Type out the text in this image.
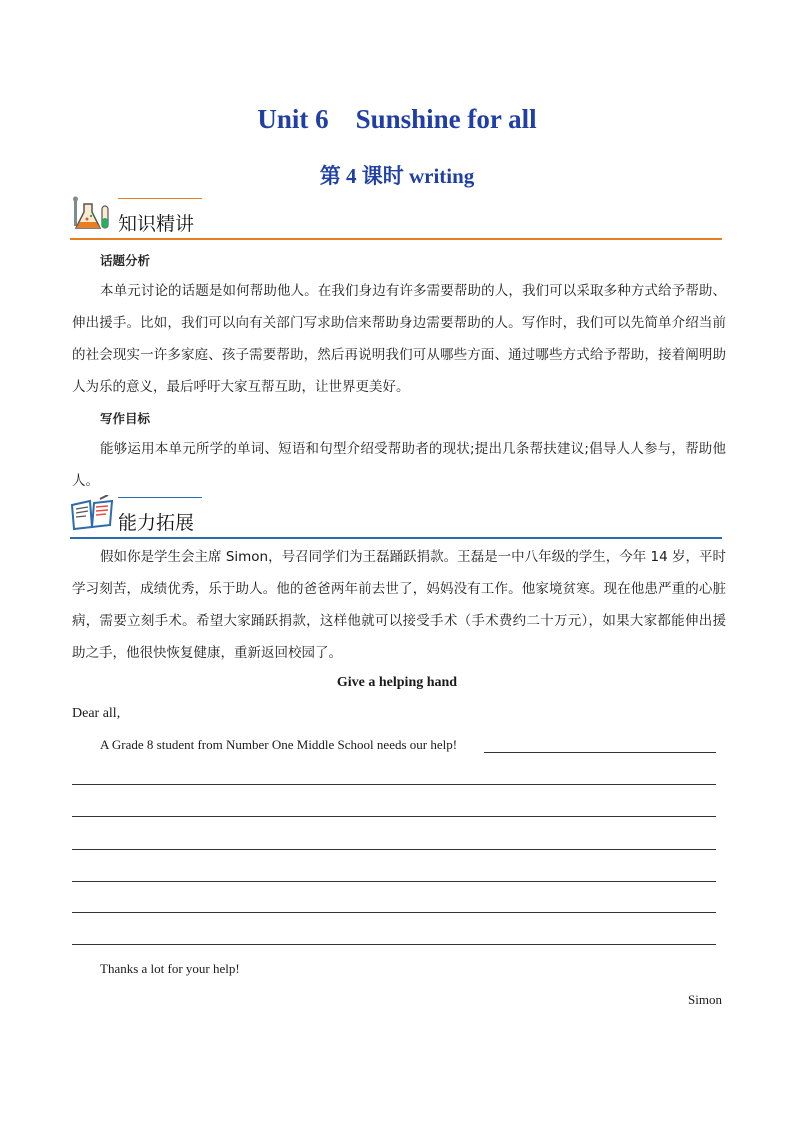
Unit 6    Sunshine for all
第 4 课时 writing
知识精讲
话题分析
本单元讨论的话题是如何帮助他人。在我们身边有许多需要帮助的人，我们可以采取多种方式给予帮助、伸出援手。比如，我们可以向有关部门写求助信来帮助身边需要帮助的人。写作时，我们可以先简单介绍当前的社会现实一许多家庭、孩子需要帮助，然后再说明我们可从哪些方面、通过哪些方式给予帮助，接着阐明助人为乐的意义，最后呼吁大家互帮互助，让世界更美好。
写作目标
能够运用本单元所学的单词、短语和句型介绍受帮助者的现状;提出几条帮扶建议;倡导人人参与，帮助他人。
能力拓展
假如你是学生会主席 Simon，号召同学们为王磊踊跃捐款。王磊是一中八年级的学生，今年 14 岁，平时学习刻苦，成绩优秀，乐于助人。他的爸爸两年前去世了，妈妈没有工作。他家境贫寒。现在他患严重的心脏病，需要立刻手术。希望大家踊跃捐款，这样他就可以接受手术（手术费约二十万元），如果大家都能伸出援助之手，他很快恢复健康，重新返回校园了。
Give a helping hand
Dear all,
A Grade 8 student from Number One Middle School needs our help!
Thanks a lot for your help!
Simon
